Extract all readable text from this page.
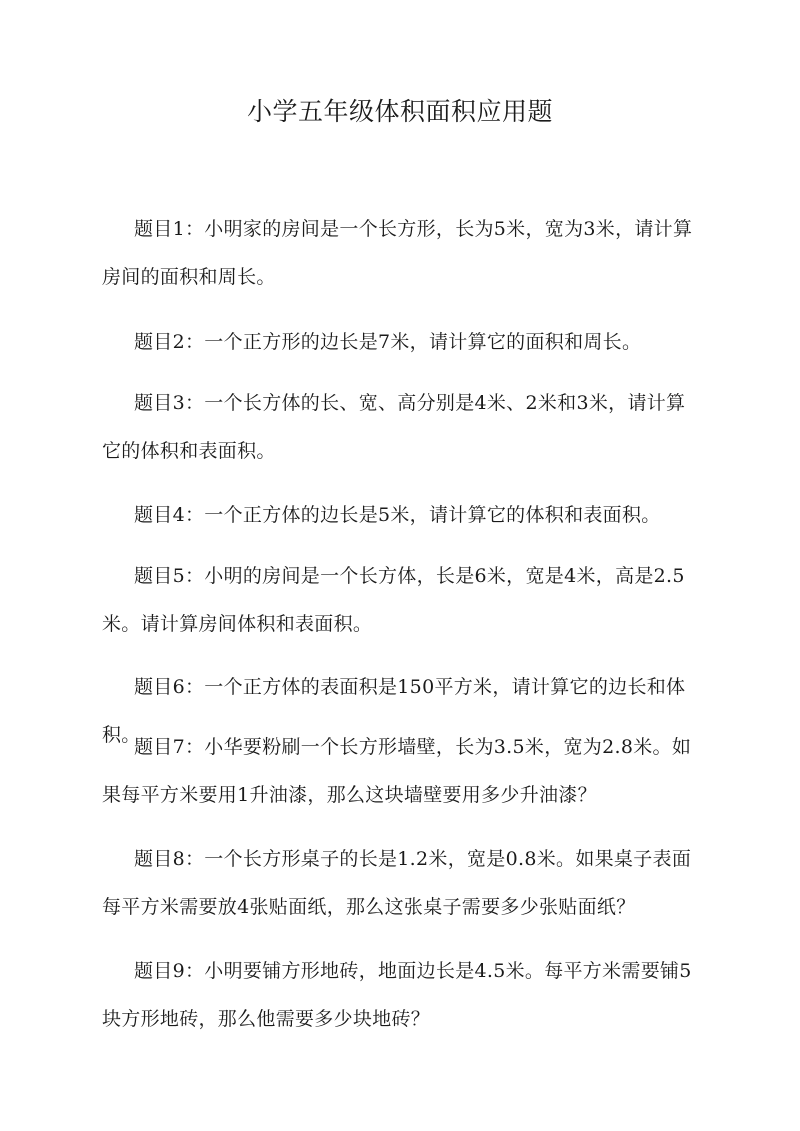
小学五年级体积面积应用题

题目1：小明家的房间是一个长方形，长为5米，宽为3米，请计算房间的面积和周长。

题目2：一个正方形的边长是7米，请计算它的面积和周长。

题目3：一个长方体的长、宽、高分别是4米、2米和3米，请计算它的体积和表面积。

题目4：一个正方体的边长是5米，请计算它的体积和表面积。

题目5：小明的房间是一个长方体，长是6米，宽是4米，高是2.5米。请计算房间体积和表面积。

题目6：一个正方体的表面积是150平方米，请计算它的边长和体积。

题目7：小华要粉刷一个长方形墙壁，长为3.5米，宽为2.8米。如果每平方米要用1升油漆，那么这块墙壁要用多少升油漆？

题目8：一个长方形桌子的长是1.2米，宽是0.8米。如果桌子表面每平方米需要放4张贴面纸，那么这张桌子需要多少张贴面纸？

题目9：小明要铺方形地砖，地面边长是4.5米。每平方米需要铺5块方形地砖，那么他需要多少块地砖？
